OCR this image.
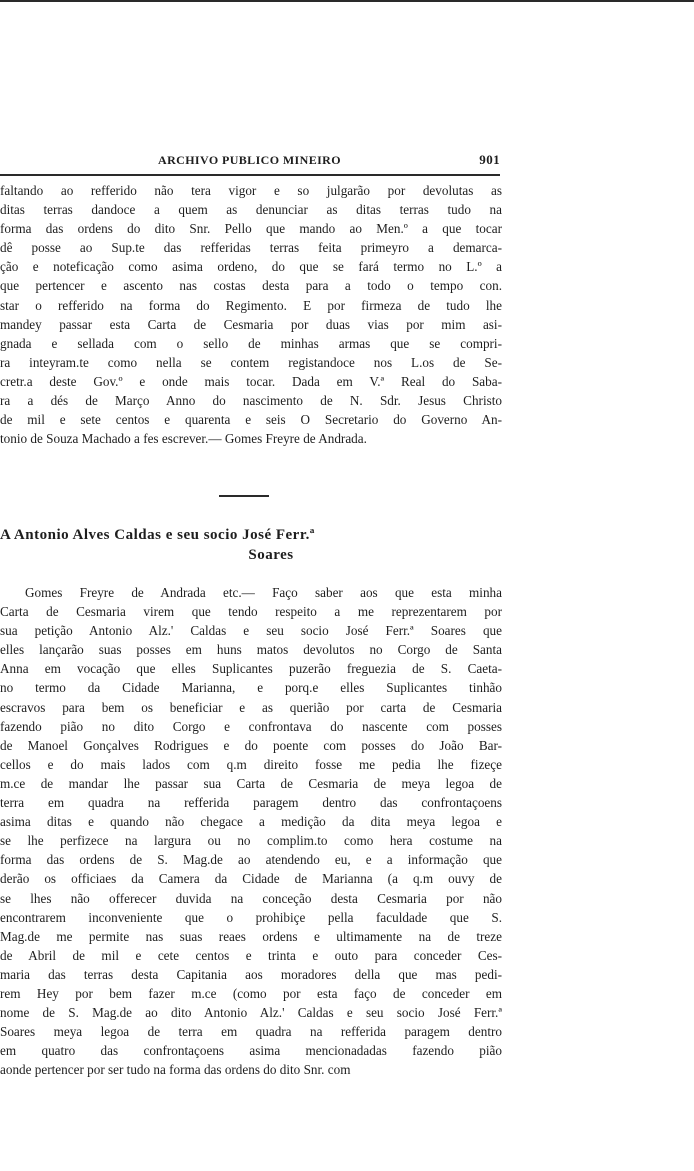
ARCHIVO PUBLICO MINEIRO	901
faltando ao refferido não tera vigor e so julgarão por devolutas as
ditas terras dandoce a quem as denunciar as ditas terras tudo na
forma das ordens do dito Snr. Pello que mando ao Men.º a que tocar
dê posse ao Sup.te das refferidas terras feita primeyro a demarca-
ção e noteficação como asima ordeno, do que se fará termo no L.º a
que pertencer e ascento nas costas desta para a todo o tempo con.
star o refferido na forma do Regimento. E por firmeza de tudo lhe
mandey passar esta Carta de Cesmaria por duas vias por mim asi-
gnada e sellada com o sello de minhas armas que se compri-
ra inteyram.te como nella se contem registandoce nos L.os de Se-
cretr.a deste Gov.º e onde mais tocar. Dada em V.ª Real do Saba-
ra a dés de Março Anno do nascimento de N. Sdr. Jesus Christo
de mil e sete centos e quarenta e seis O Secretario do Governo An-
tonio de Souza Machado a fes escrever.— Gomes Freyre de Andrada.
A Antonio Alves Caldas e seu socio José Ferr.ª
Soares
Gomes Freyre de Andrada etc.— Faço saber aos que esta minha
Carta de Cesmaria virem que tendo respeito a me reprezentarem por
sua petição Antonio Alz.' Caldas e seu socio José Ferr.ª Soares que
elles lançarão suas posses em huns matos devolutos no Corgo de Santa
Anna em vocação que elles Suplicantes puzerão freguezia de S. Caeta-
no termo da Cidade Marianna, e porq.e elles Suplicantes tinhão
escravos para bem os beneficiar e as querião por carta de Cesmaria
fazendo pião no dito Corgo e confrontava do nascente com posses
de Manoel Gonçalves Rodrigues e do poente com posses do João Bar-
cellos e do mais lados com q.m direito fosse me pedia lhe fizeçe
m.ce de mandar lhe passar sua Carta de Cesmaria de meya legoa de
terra em quadra na refferida paragem dentro das confrontaçoens
asima ditas e quando não chegace a medição da dita meya legoa e
se lhe perfizece na largura ou no complim.to como hera costume na
forma das ordens de S. Mag.de ao atendendo eu, e a informação que
derão os officiaes da Camera da Cidade de Marianna (a q.m ouvy de
se lhes não offerecer duvida na conceção desta Cesmaria por não
encontrarem inconveniente que o prohibiçe pella faculdade que S.
Mag.de me permite nas suas reaes ordens e ultimamente na de treze
de Abril de mil e cete centos e trinta e outo para conceder Ces-
maria das terras desta Capitania aos moradores della que mas pedi-
rem Hey por bem fazer m.ce (como por esta faço de conceder em
nome de S. Mag.de ao dito Antonio Alz.' Caldas e seu socio José Ferr.ª
Soares meya legoa de terra em quadra na refferida paragem dentro
em quatro das confrontaçoens asima mencionadadas fazendo pião
aonde pertencer por ser tudo na forma das ordens do dito Snr. com
